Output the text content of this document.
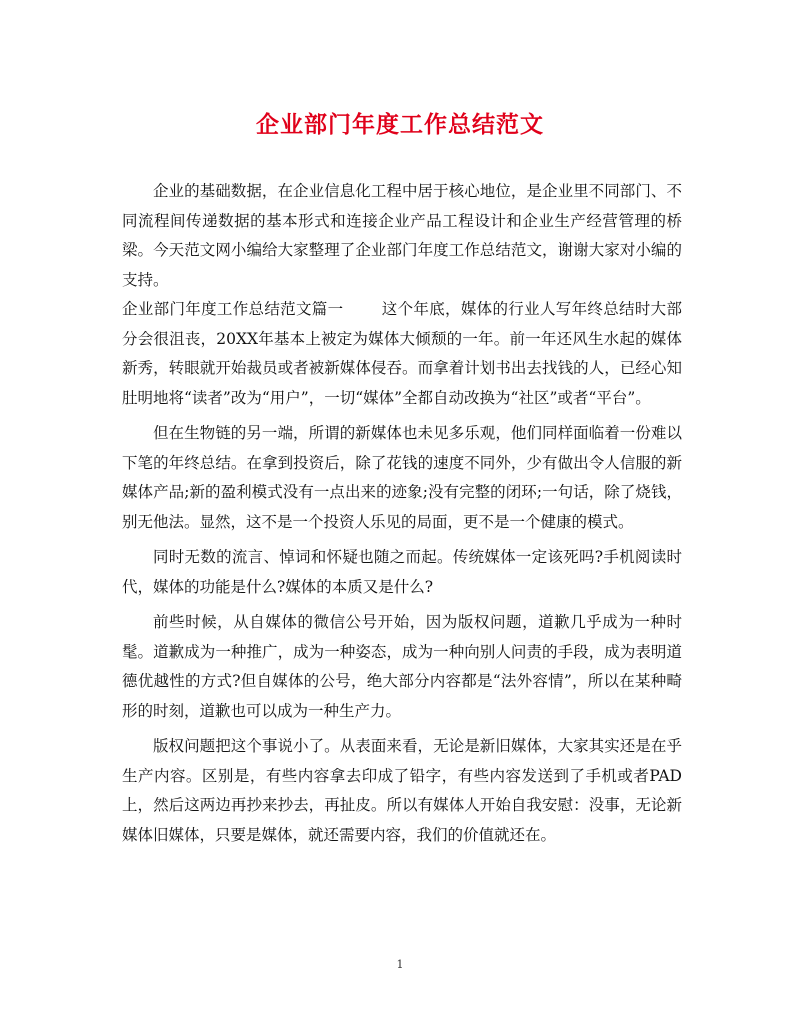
企业部门年度工作总结范文

企业的基础数据，在企业信息化工程中居于核心地位，是企业里不同部门、不同流程间传递数据的基本形式和连接企业产品工程设计和企业生产经营管理的桥梁。今天范文网小编给大家整理了企业部门年度工作总结范文，谢谢大家对小编的支持。

企业部门年度工作总结范文篇一 这个年底，媒体的行业人写年终总结时大部分会很沮丧，20XX年基本上被定为媒体大倾颓的一年。前一年还风生水起的媒体新秀，转眼就开始裁员或者被新媒体侵吞。而拿着计划书出去找钱的人，已经心知肚明地将“读者”改为“用户”，一切“媒体”全都自动改换为“社区”或者“平台”。

但在生物链的另一端，所谓的新媒体也未见多乐观，他们同样面临着一份难以下笔的年终总结。在拿到投资后，除了花钱的速度不同外，少有做出令人信服的新媒体产品;新的盈利模式没有一点出来的迹象;没有完整的闭环;一句话，除了烧钱，别无他法。显然，这不是一个投资人乐见的局面，更不是一个健康的模式。

同时无数的流言、悼词和怀疑也随之而起。传统媒体一定该死吗?手机阅读时代，媒体的功能是什么?媒体的本质又是什么?

前些时候，从自媒体的微信公号开始，因为版权问题，道歉几乎成为一种时髦。道歉成为一种推广，成为一种姿态，成为一种向别人问责的手段，成为表明道德优越性的方式?但自媒体的公号，绝大部分内容都是“法外容情”，所以在某种畸形的时刻，道歉也可以成为一种生产力。

版权问题把这个事说小了。从表面来看，无论是新旧媒体，大家其实还是在乎生产内容。区别是，有些内容拿去印成了铅字，有些内容发送到了手机或者PAD上，然后这两边再抄来抄去，再扯皮。所以有媒体人开始自我安慰：没事，无论新媒体旧媒体，只要是媒体，就还需要内容，我们的价值就还在。

1
